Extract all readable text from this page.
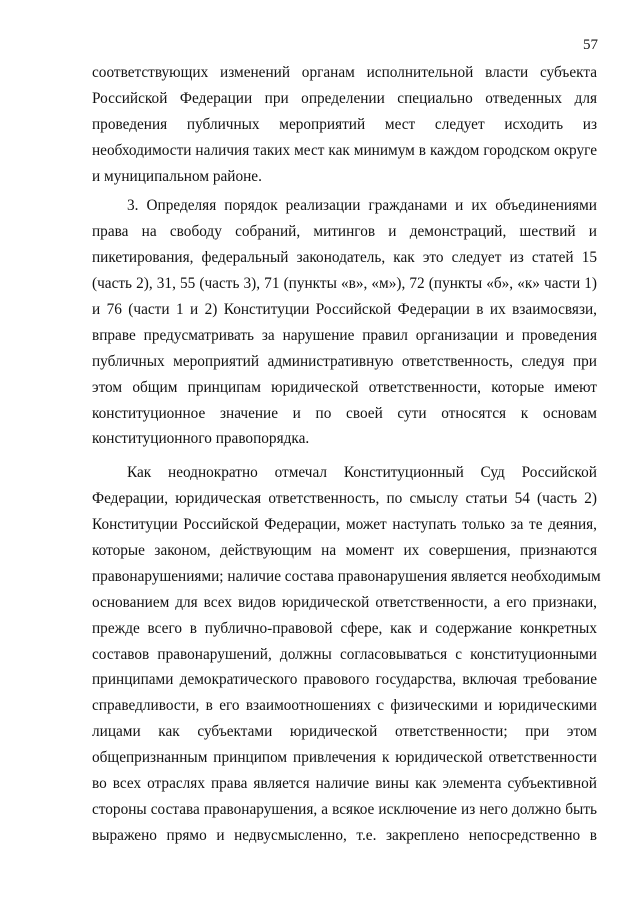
57
соответствующих изменений органам исполнительной власти субъекта
Российской Федерации при определении специально отведенных для
проведения публичных мероприятий мест следует исходить из
необходимости наличия таких мест как минимум в каждом городском округе
и муниципальном районе.
3. Определяя порядок реализации гражданами и их объединениями
права на свободу собраний, митингов и демонстраций, шествий и
пикетирования, федеральный законодатель, как это следует из статей 15
(часть 2), 31, 55 (часть 3), 71 (пункты «в», «м»), 72 (пункты «б», «к» части 1)
и 76 (части 1 и 2) Конституции Российской Федерации в их взаимосвязи,
вправе предусматривать за нарушение правил организации и проведения
публичных мероприятий административную ответственность, следуя при
этом общим принципам юридической ответственности, которые имеют
конституционное значение и по своей сути относятся к основам
конституционного правопорядка.
Как неоднократно отмечал Конституционный Суд Российской
Федерации, юридическая ответственность, по смыслу статьи 54 (часть 2)
Конституции Российской Федерации, может наступать только за те деяния,
которые законом, действующим на момент их совершения, признаются
правонарушениями; наличие состава правонарушения является необходимым
основанием для всех видов юридической ответственности, а его признаки,
прежде всего в публично-правовой сфере, как и содержание конкретных
составов правонарушений, должны согласовываться с конституционными
принципами демократического правового государства, включая требование
справедливости, в его взаимоотношениях с физическими и юридическими
лицами как субъектами юридической ответственности; при этом
общепризнанным принципом привлечения к юридической ответственности
во всех отраслях права является наличие вины как элемента субъективной
стороны состава правонарушения, а всякое исключение из него должно быть
выражено прямо и недвусмысленно, т.е. закреплено непосредственно в
